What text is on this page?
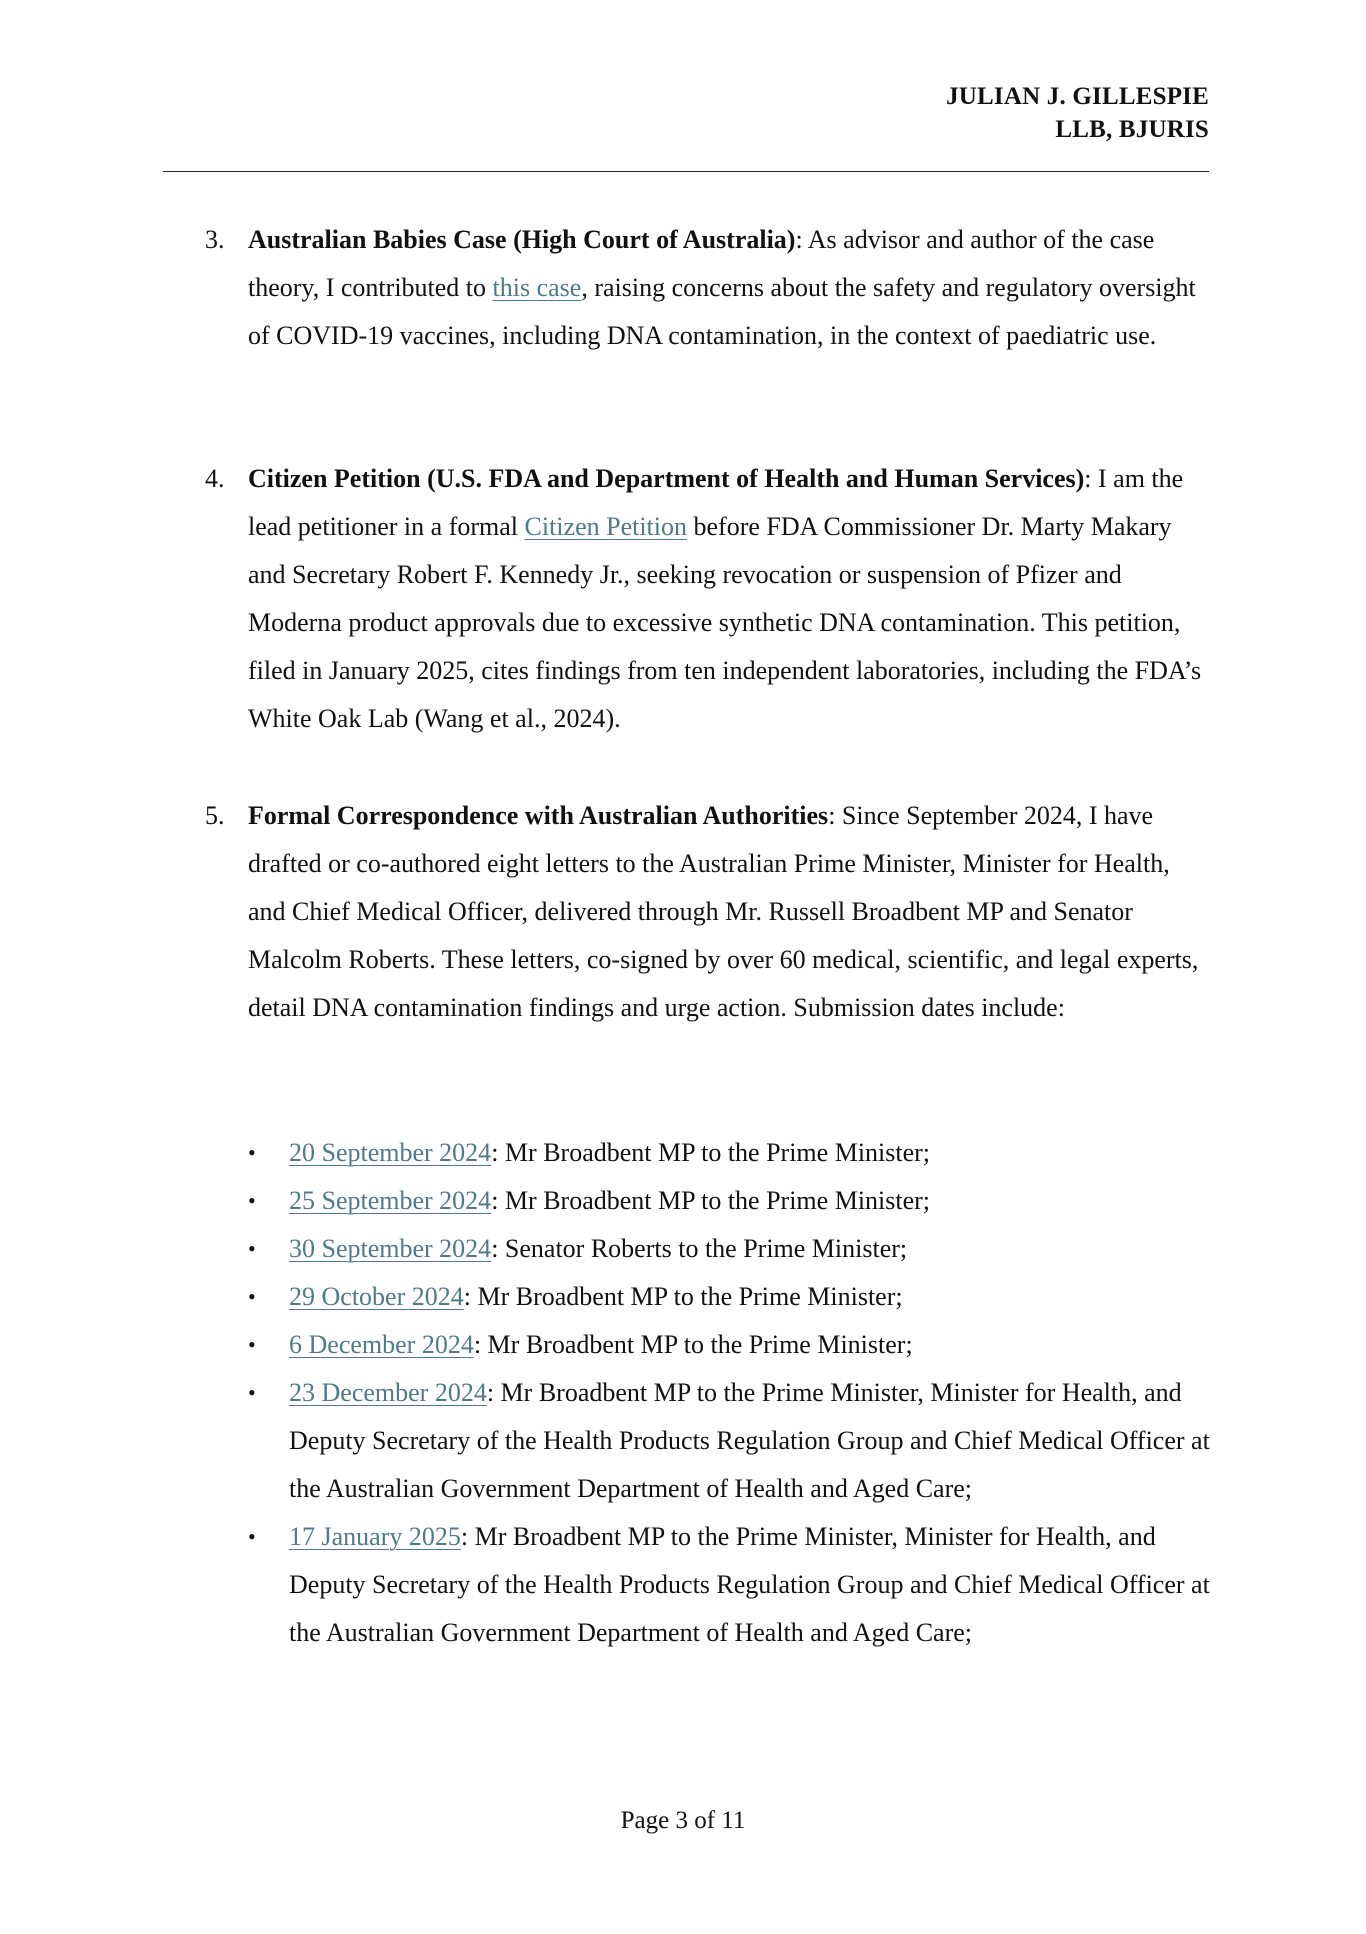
JULIAN J. GILLESPIE
LLB, BJURIS
3. Australian Babies Case (High Court of Australia): As advisor and author of the case theory, I contributed to this case, raising concerns about the safety and regulatory oversight of COVID-19 vaccines, including DNA contamination, in the context of paediatric use.
4. Citizen Petition (U.S. FDA and Department of Health and Human Services): I am the lead petitioner in a formal Citizen Petition before FDA Commissioner Dr. Marty Makary and Secretary Robert F. Kennedy Jr., seeking revocation or suspension of Pfizer and Moderna product approvals due to excessive synthetic DNA contamination. This petition, filed in January 2025, cites findings from ten independent laboratories, including the FDA’s White Oak Lab (Wang et al., 2024).
5. Formal Correspondence with Australian Authorities: Since September 2024, I have drafted or co-authored eight letters to the Australian Prime Minister, Minister for Health, and Chief Medical Officer, delivered through Mr. Russell Broadbent MP and Senator Malcolm Roberts. These letters, co-signed by over 60 medical, scientific, and legal experts, detail DNA contamination findings and urge action. Submission dates include:
• 20 September 2024: Mr Broadbent MP to the Prime Minister;
• 25 September 2024: Mr Broadbent MP to the Prime Minister;
• 30 September 2024: Senator Roberts to the Prime Minister;
• 29 October 2024: Mr Broadbent MP to the Prime Minister;
• 6 December 2024: Mr Broadbent MP to the Prime Minister;
• 23 December 2024: Mr Broadbent MP to the Prime Minister, Minister for Health, and Deputy Secretary of the Health Products Regulation Group and Chief Medical Officer at the Australian Government Department of Health and Aged Care;
• 17 January 2025: Mr Broadbent MP to the Prime Minister, Minister for Health, and Deputy Secretary of the Health Products Regulation Group and Chief Medical Officer at the Australian Government Department of Health and Aged Care;
Page 3 of 11
